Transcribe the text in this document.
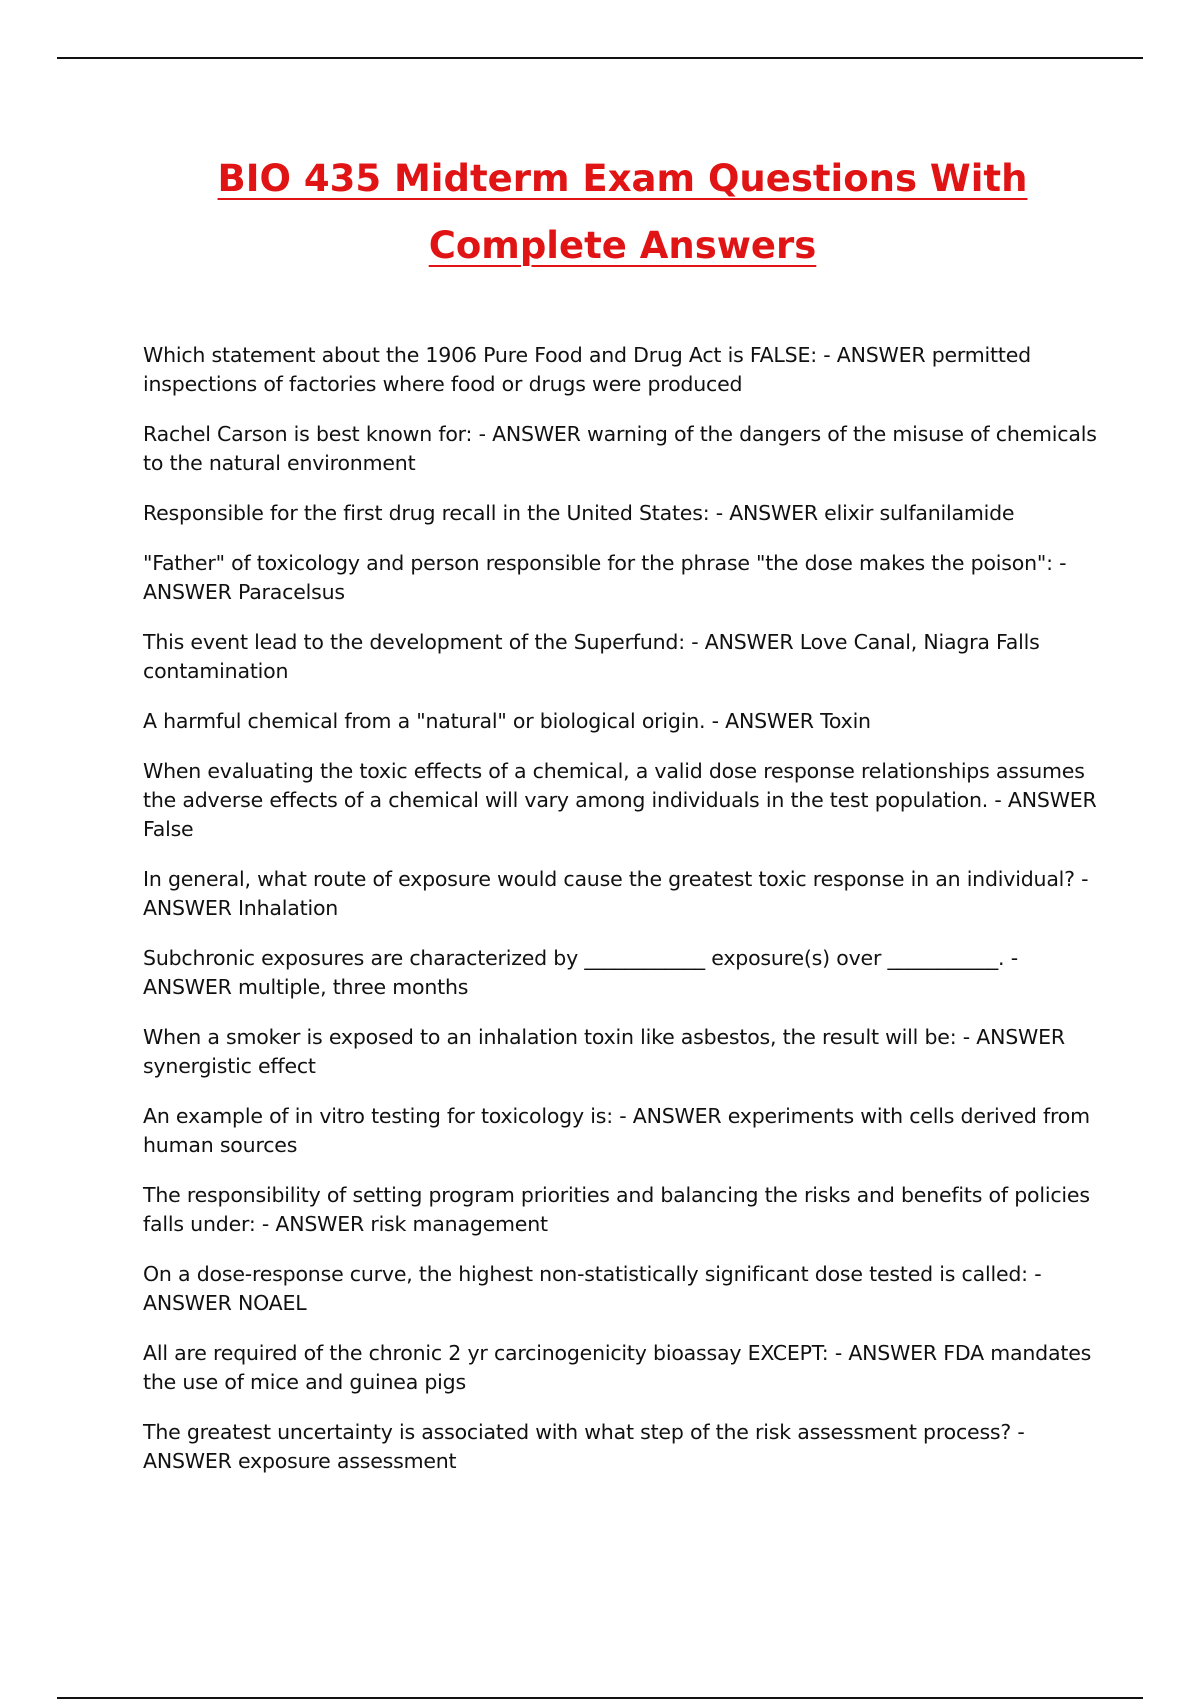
BIO 435 Midterm Exam Questions With
Complete Answers
Which statement about the 1906 Pure Food and Drug Act is FALSE: - ANSWER permitted inspections of factories where food or drugs were produced
Rachel Carson is best known for: - ANSWER warning of the dangers of the misuse of chemicals to the natural environment
Responsible for the first drug recall in the United States: - ANSWER elixir sulfanilamide
"Father" of toxicology and person responsible for the phrase "the dose makes the poison": - ANSWER Paracelsus
This event lead to the development of the Superfund: - ANSWER Love Canal, Niagra Falls contamination
A harmful chemical from a "natural" or biological origin. - ANSWER Toxin
When evaluating the toxic effects of a chemical, a valid dose response relationships assumes the adverse effects of a chemical will vary among individuals in the test population. - ANSWER False
In general, what route of exposure would cause the greatest toxic response in an individual? - ANSWER Inhalation
Subchronic exposures are characterized by ____________ exposure(s) over ___________. - ANSWER multiple, three months
When a smoker is exposed to an inhalation toxin like asbestos, the result will be: - ANSWER synergistic effect
An example of in vitro testing for toxicology is: - ANSWER experiments with cells derived from human sources
The responsibility of setting program priorities and balancing the risks and benefits of policies falls under: - ANSWER risk management
On a dose-response curve, the highest non-statistically significant dose tested is called: - ANSWER NOAEL
All are required of the chronic 2 yr carcinogenicity bioassay EXCEPT: - ANSWER FDA mandates the use of mice and guinea pigs
The greatest uncertainty is associated with what step of the risk assessment process? - ANSWER exposure assessment
